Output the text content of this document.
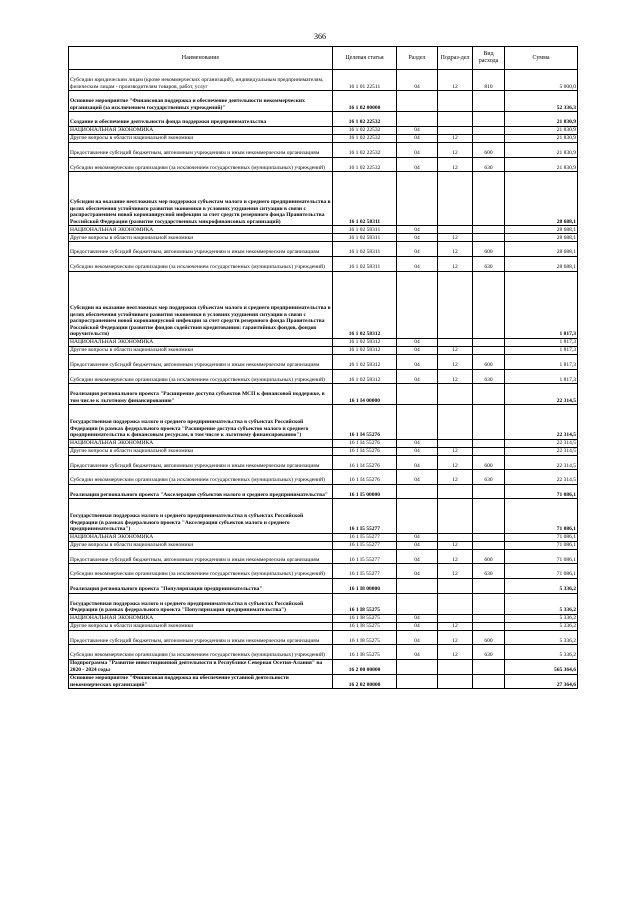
366
Наименование	Целевая статья	Раздел	Подраз-дел	Вид расхода	Сумма
Субсидии юридическим лицам (кроме некоммерческих организаций), индивидуальным предпринимателям, физическим лицам - производителям товаров, работ, услуг	16 1 01 22511	04	12	810	5 000,0
Основное мероприятие "Финансовая поддержка и обеспечение деятельности некоммерческих организаций (за исключением государственных учреждений)"	16 1 02 00000				52 336,3
Создание и обеспечение деятельности фонда поддержки предпринимательства	16 1 02 22532				21 830,9
НАЦИОНАЛЬНАЯ ЭКОНОМИКА	16 1 02 22532	04			21 830,9
Другие вопросы в области национальной экономики	16 1 02 22532	04	12		21 830,9
Предоставление субсидий бюджетным, автономным учреждениям и иным некоммерческим организациям	16 1 02 22532	04	12	600	21 830,9
Субсидии некоммерческим организациям (за исключением государственных (муниципальных) учреждений)	16 1 02 22532	04	12	630	21 830,9
Субсидии на оказание неотложных мер поддержки субъектам малого и среднего предпринимательства в целях обеспечения устойчивого развития экономики в условиях ухудшения ситуации в связи с распространением новой коронавирусной инфекции за счет средств резервного фонда Правительства Российской Федерации (развитие государственных микрофинансовых организаций)	16 1 02 58311				28 688,1
НАЦИОНАЛЬНАЯ ЭКОНОМИКА	16 1 02 58311	04			28 688,1
Другие вопросы в области национальной экономики	16 1 02 58311	04	12		28 688,1
Предоставление субсидий бюджетным, автономным учреждениям и иным некоммерческим организациям	16 1 02 58311	04	12	600	28 688,1
Субсидии некоммерческим организациям (за исключением государственных (муниципальных) учреждений)	16 1 02 58311	04	12	630	28 688,1
Субсидии на оказание неотложных мер поддержки субъектам малого и среднего предпринимательства в целях обеспечения устойчивого развития экономики в условиях ухудшения ситуации в связи с распространением новой коронавирусной инфекции за счет средств резервного фонда Правительства Российской Федерации (развитие фондов содействия кредитованию: гарантийных фондов, фондов поручительств)	16 1 02 58312				1 817,3
НАЦИОНАЛЬНАЯ ЭКОНОМИКА	16 1 02 58312	04			1 817,3
Другие вопросы в области национальной экономики	16 1 02 58312	04	12		1 817,3
Предоставление субсидий бюджетным, автономным учреждениям и иным некоммерческим организациям	16 1 02 58312	04	12	600	1 817,3
Субсидии некоммерческим организациям (за исключением государственных (муниципальных) учреждений)	16 1 02 58312	04	12	630	1 817,3
Реализация регионального проекта "Расширение доступа субъектов МСП к финансовой поддержке, в том числе к льготному финансированию"	16 1 I4 00000				22 314,5
Государственная поддержка малого и среднего предпринимательства в субъектах Российской Федерации (в рамках федерального проекта "Расширение доступа субъектов малого и среднего предпринимательства к финансовым ресурсам, в том числе к льготному финансированию")	16 1 I4 55276				22 314,5
НАЦИОНАЛЬНАЯ ЭКОНОМИКА	16 1 I4 55276	04			22 314,5
Другие вопросы в области национальной экономики	16 1 I4 55276	04	12		22 314,5
Предоставление субсидий бюджетным, автономным учреждениям и иным некоммерческим организациям	16 1 I4 55276	04	12	600	22 314,5
Субсидии некоммерческим организациям (за исключением государственных (муниципальных) учреждений)	16 1 I4 55276	04	12	630	22 314,5
Реализация регионального проекта "Акселерация субъектов малого и среднего предпринимательства"	16 1 I5 00000				71 086,1
Государственная поддержка малого и среднего предпринимательства в субъектах Российской Федерации (в рамках федерального проекта "Акселерация субъектов малого и среднего предпринимательства")	16 1 I5 55277				71 086,1
НАЦИОНАЛЬНАЯ ЭКОНОМИКА	16 1 I5 55277	04			71 086,1
Другие вопросы в области национальной экономики	16 1 I5 55277	04	12		71 086,1
Предоставление субсидий бюджетным, автономным учреждениям и иным некоммерческим организациям	16 1 I5 55277	04	12	600	71 086,1
Субсидии некоммерческим организациям (за исключением государственных (муниципальных) учреждений)	16 1 I5 55277	04	12	630	71 086,1
Реализация регионального проекта "Популяризация предпринимательства"	16 1 I8 00000				5 336,2
Государственная поддержка малого и среднего предпринимательства в субъектах Российской Федерации (в рамках федерального проекта "Популяризация предпринимательства")	16 1 I8 55275				5 336,2
НАЦИОНАЛЬНАЯ ЭКОНОМИКА	16 1 I8 55275	04			5 336,2
Другие вопросы в области национальной экономики	16 1 I8 55275	04	12		5 336,2
Предоставление субсидий бюджетным, автономным учреждениям и иным некоммерческим организациям	16 1 I8 55275	04	12	600	5 336,2
Субсидии некоммерческим организациям (за исключением государственных (муниципальных) учреждений)	16 1 I8 55275	04	12	630	5 336,2
Подпрограмма "Развитие инвестиционной деятельности в Республике Северная Осетия-Алания" на 2020 - 2024 годы	16 2 00 00000				565 364,6
Основное мероприятие "Финансовая поддержка на обеспечение уставной деятельности некоммерческих организаций"	16 2 02 00000				27 364,6
